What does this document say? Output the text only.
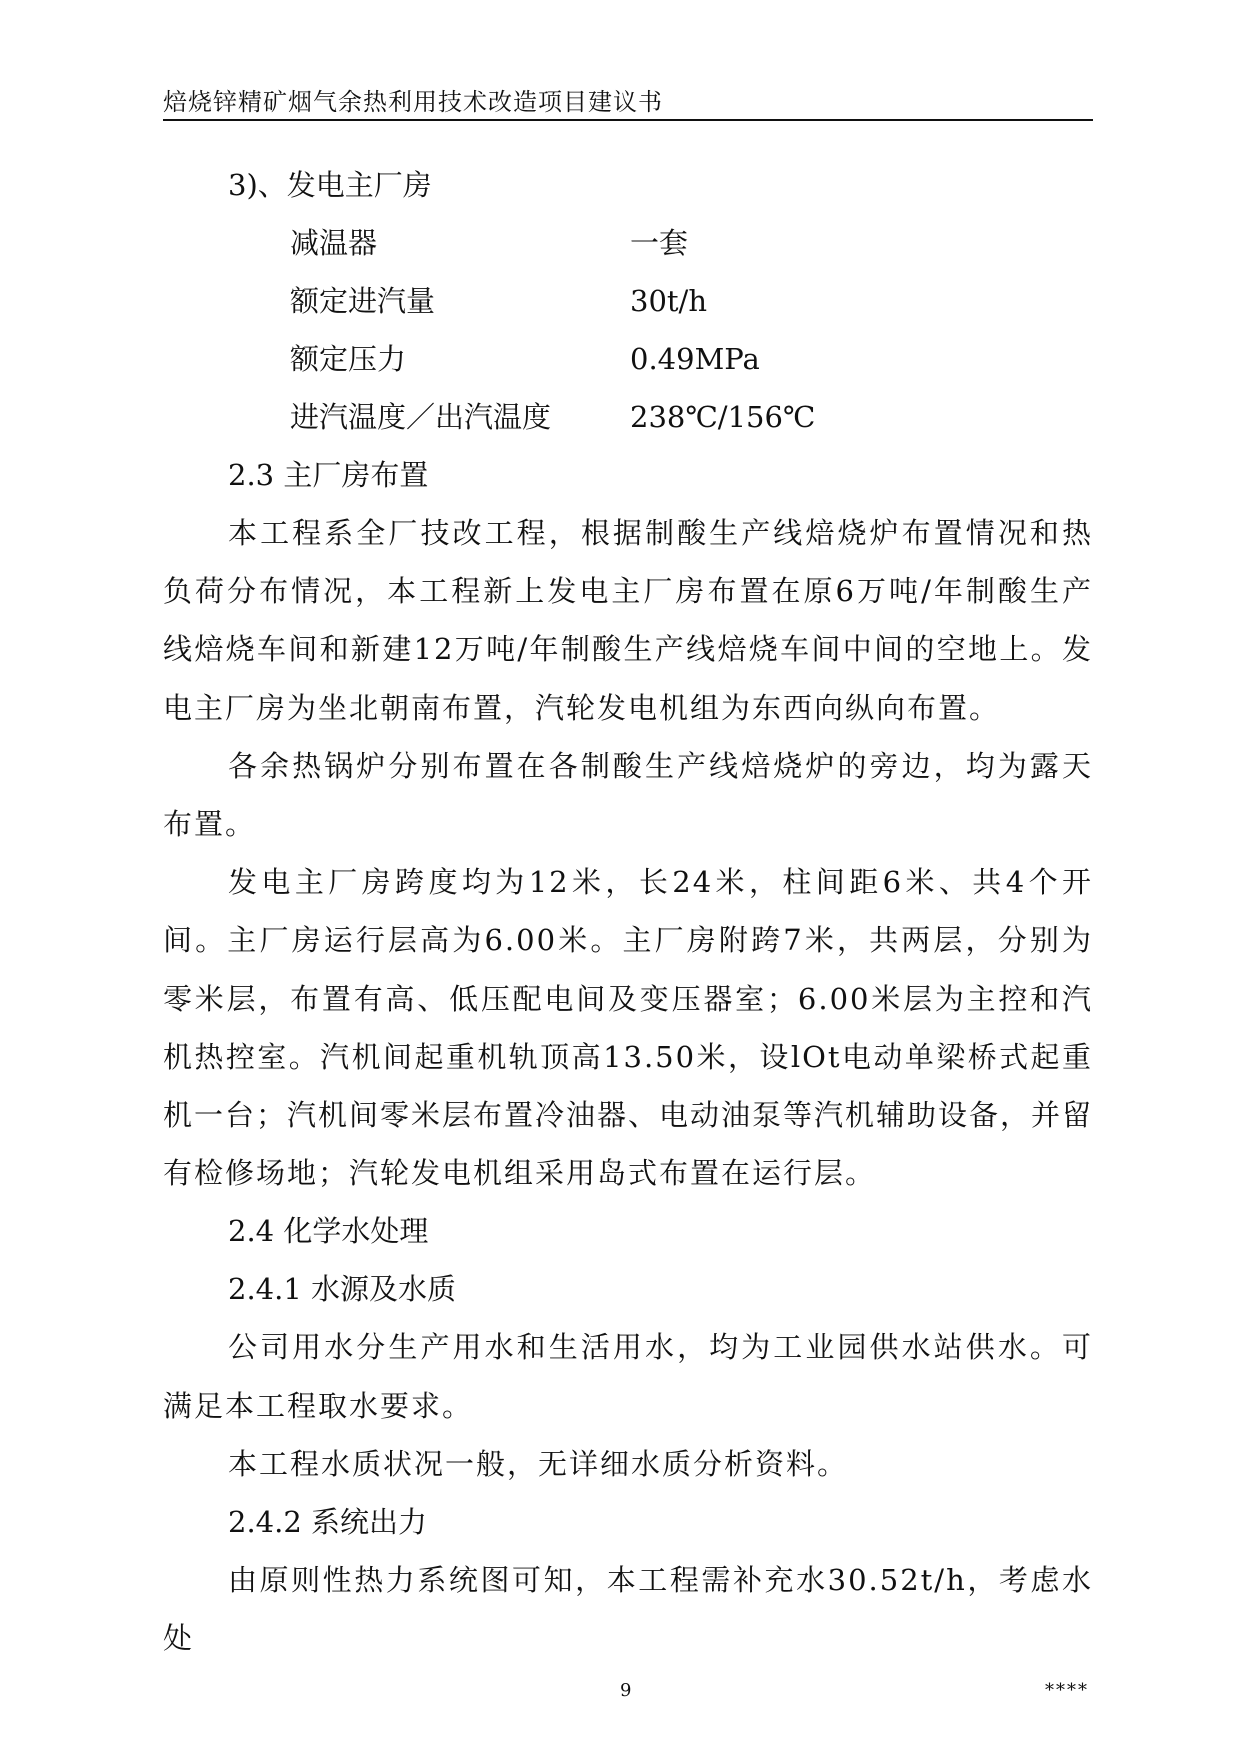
焙烧锌精矿烟气余热利用技术改造项目建议书
3)、发电主厂房
减温器	一套
额定进汽量	30t/h
额定压力	0.49MPa
进汽温度／出汽温度	238℃/156℃
2.3 主厂房布置
本工程系全厂技改工程，根据制酸生产线焙烧炉布置情况和热负荷分布情况，本工程新上发电主厂房布置在原6万吨/年制酸生产线焙烧车间和新建12万吨/年制酸生产线焙烧车间中间的空地上。发电主厂房为坐北朝南布置，汽轮发电机组为东西向纵向布置。
各余热锅炉分别布置在各制酸生产线焙烧炉的旁边，均为露天布置。
发电主厂房跨度均为12米，长24米，柱间距6米、共4个开间。主厂房运行层高为6.00米。主厂房附跨7米，共两层，分别为零米层，布置有高、低压配电间及变压器室；6.00米层为主控和汽机热控室。汽机间起重机轨顶高13.50米，设lOt电动单梁桥式起重机一台；汽机间零米层布置冷油器、电动油泵等汽机辅助设备，并留有检修场地；汽轮发电机组采用岛式布置在运行层。
2.4 化学水处理
2.4.1 水源及水质
公司用水分生产用水和生活用水，均为工业园供水站供水。可满足本工程取水要求。
本工程水质状况一般，无详细水质分析资料。
2.4.2 系统出力
由原则性热力系统图可知，本工程需补充水30.52t/h，考虑水处
9	****
